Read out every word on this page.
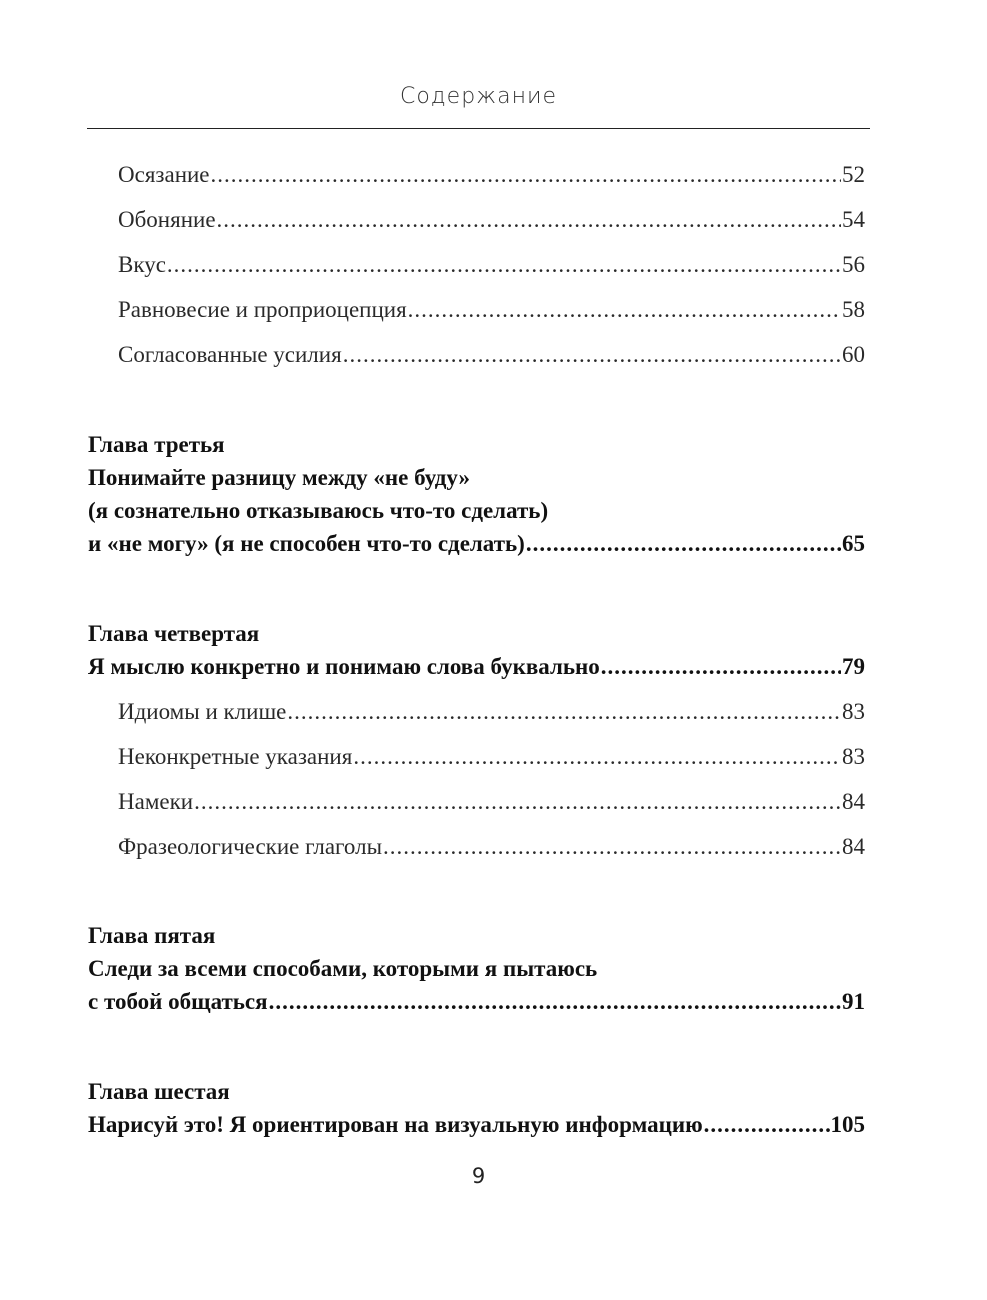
Содержание
Осязание .....	52
Обоняние .....	54
Вкус .....	56
Равновесие и проприоцепция .....	58
Согласованные усилия .....	60
Глава третья
Понимайте разницу между «не буду»
(я сознательно отказываюсь что-то сделать)
и «не могу» (я не способен что-то сделать) .....	65
Глава четвертая
Я мыслю конкретно и понимаю слова буквально .....	79
Идиомы и клише .....	83
Неконкретные указания .....	83
Намеки .....	84
Фразеологические глаголы .....	84
Глава пятая
Следи за всеми способами, которыми я пытаюсь
с тобой общаться .....	91
Глава шестая
Нарисуй это! Я ориентирован на визуальную информацию .....	105
9
